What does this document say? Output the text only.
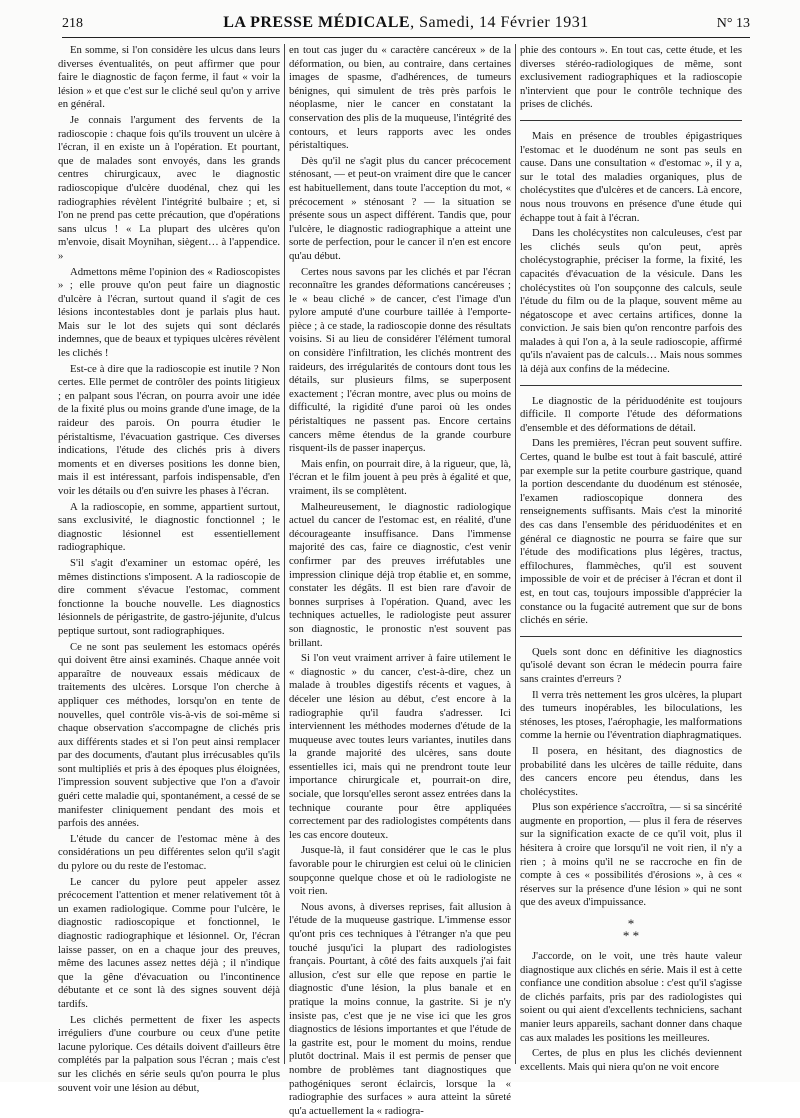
218	LA PRESSE MÉDICALE, Samedi, 14 Février 1931	N° 13

En somme, si l'on considère les ulcus dans leurs diverses éventualités, on peut affirmer que pour faire le diagnostic de façon ferme, il faut « voir la lésion » et que c'est sur le cliché seul qu'on y arrive en général.

Je connais l'argument des fervents de la radioscopie : chaque fois qu'ils trouvent un ulcère à l'écran, il en existe un à l'opération. Et pourtant, que de malades sont envoyés, dans les grands centres chirurgicaux, avec le diagnostic radioscopique d'ulcère duodénal, chez qui les radiographies révèlent l'intégrité bulbaire ; et, si l'on ne prend pas cette précaution, que d'opérations sans ulcus ! « La plupart des ulcères qu'on m'envoie, disait Moynihan, siègent… à l'appendice. »

Admettons même l'opinion des « Radioscopistes » ; elle prouve qu'on peut faire un diagnostic d'ulcère à l'écran, surtout quand il s'agit de ces lésions incontestables dont je parlais plus haut. Mais sur le lot des sujets qui sont déclarés indemnes, que de beaux et typiques ulcères révèlent les clichés !

Est-ce à dire que la radioscopie est inutile ? Non certes. Elle permet de contrôler des points litigieux ; en palpant sous l'écran, on pourra avoir une idée de la fixité plus ou moins grande d'une image, de la raideur des parois. On pourra étudier le péristaltisme, l'évacuation gastrique. Ces diverses indications, l'étude des clichés pris à divers moments et en diverses positions les donne bien, mais il est intéressant, parfois indispensable, d'en voir les détails ou d'en suivre les phases à l'écran.

A la radioscopie, en somme, appartient surtout, sans exclusivité, le diagnostic fonctionnel ; le diagnostic lésionnel est essentiellement radiographique.

S'il s'agit d'examiner un estomac opéré, les mêmes distinctions s'imposent. A la radioscopie de dire comment s'évacue l'estomac, comment fonctionne la bouche nouvelle. Les diagnostics lésionnels de périgastrite, de gastro-jéjunite, d'ulcus peptique surtout, sont radiographiques.

Ce ne sont pas seulement les estomacs opérés qui doivent être ainsi examinés. Chaque année voit apparaître de nouveaux essais médicaux de traitements des ulcères. Lorsque l'on cherche à appliquer ces méthodes, lorsqu'on en tente de nouvelles, quel contrôle vis-à-vis de soi-même si chaque observation s'accompagne de clichés pris aux différents stades et si l'on peut ainsi remplacer par des documents, d'autant plus irrécusables qu'ils sont multipliés et pris à des époques plus éloignées, l'impression souvent subjective que l'on a d'avoir guéri cette maladie qui, spontanément, a cessé de se manifester cliniquement pendant des mois et parfois des années.

L'étude du cancer de l'estomac mène à des considérations un peu différentes selon qu'il s'agit du pylore ou du reste de l'estomac.

Le cancer du pylore peut appeler assez précocement l'attention et mener relativement tôt à un examen radiologique. Comme pour l'ulcère, le diagnostic radioscopique et fonctionnel, le diagnostic radiographique et lésionnel. Or, l'écran laisse passer, on en a chaque jour des preuves, même des lacunes assez nettes déjà ; il n'indique que la gêne d'évacuation ou l'incontinence débutante et ce sont là des signes souvent déjà tardifs.

Les clichés permettent de fixer les aspects irréguliers d'une courbure ou ceux d'une petite lacune pylorique. Ces détails doivent d'ailleurs être complétés par la palpation sous l'écran ; mais c'est sur les clichés en série seuls qu'on pourra le plus souvent voir une lésion au début,

en tout cas juger du « caractère cancéreux » de la déformation, ou bien, au contraire, dans certaines images de spasme, d'adhérences, de tumeurs bénignes, qui simulent de très près parfois le néoplasme, nier le cancer en constatant la conservation des plis de la muqueuse, l'intégrité des contours, et leurs rapports avec les ondes péristaltiques.

Dès qu'il ne s'agit plus du cancer précocement sténosant, — et peut-on vraiment dire que le cancer est habituellement, dans toute l'acception du mot, « précocement » sténosant ? — la situation se présente sous un aspect différent. Tandis que, pour l'ulcère, le diagnostic radiographique a atteint une sorte de perfection, pour le cancer il n'en est encore qu'au début.

Certes nous savons par les clichés et par l'écran reconnaître les grandes déformations cancéreuses ; le « beau cliché » de cancer, c'est l'image d'un pylore amputé d'une courbure taillée à l'emporte-pièce ; à ce stade, la radioscopie donne des résultats voisins. Si au lieu de considérer l'élément tumoral on considère l'infiltration, les clichés montrent des raideurs, des irrégularités de contours dont tous les détails, sur plusieurs films, se superposent exactement ; l'écran montre, avec plus ou moins de difficulté, la rigidité d'une paroi où les ondes péristaltiques ne passent pas. Encore certains cancers même étendus de la grande courbure risquent-ils de passer inaperçus.

Mais enfin, on pourrait dire, à la rigueur, que, là, l'écran et le film jouent à peu près à égalité et que, vraiment, ils se complètent.

Malheureusement, le diagnostic radiologique actuel du cancer de l'estomac est, en réalité, d'une décourageante insuffisance. Dans l'immense majorité des cas, faire ce diagnostic, c'est venir confirmer par des preuves irréfutables une impression clinique déjà trop établie et, en somme, constater les dégâts. Il est bien rare d'avoir de bonnes surprises à l'opération. Quand, avec les techniques actuelles, le radiologiste peut assurer son diagnostic, le pronostic n'est souvent pas brillant.

Si l'on veut vraiment arriver à faire utilement le « diagnostic » du cancer, c'est-à-dire, chez un malade à troubles digestifs récents et vagues, à déceler une lésion au début, c'est encore à la radiographie qu'il faudra s'adresser. Ici interviennent les méthodes modernes d'étude de la muqueuse avec toutes leurs variantes, inutiles dans la grande majorité des ulcères, sans doute essentielles ici, mais qui ne prendront toute leur importance chirurgicale et, pourrait-on dire, sociale, que lorsqu'elles seront assez entrées dans la technique courante pour être appliquées correctement par des radiologistes compétents dans les cas encore douteux.

Jusque-là, il faut considérer que le cas le plus favorable pour le chirurgien est celui où le clinicien soupçonne quelque chose et où le radiologiste ne voit rien.

Nous avons, à diverses reprises, fait allusion à l'étude de la muqueuse gastrique. L'immense essor qu'ont pris ces techniques à l'étranger n'a que peu touché jusqu'ici la plupart des radiologistes français. Pourtant, à côté des faits auxquels j'ai fait allusion, c'est sur elle que repose en partie le diagnostic d'une lésion, la plus banale et en pratique la moins connue, la gastrite. Si je n'y insiste pas, c'est que je ne vise ici que les gros diagnostics de lésions importantes et que l'étude de la gastrite est, pour le moment du moins, rendue plutôt doctrinal. Mais il est permis de penser que nombre de problèmes tant diagnostiques que pathogéniques seront éclaircis, lorsque la « radiographie des surfaces » aura atteint la sûreté qu'a actuellement la « radiogra-

phie des contours ». En tout cas, cette étude, et les diverses stéréo-radiologiques de même, sont exclusivement radiographiques et la radioscopie n'intervient que pour le contrôle technique des prises de clichés.

Mais en présence de troubles épigastriques l'estomac et le duodénum ne sont pas seuls en cause. Dans une consultation « d'estomac », il y a, sur le total des maladies organiques, plus de cholécystites que d'ulcères et de cancers. Là encore, nous nous trouvons en présence d'une étude qui échappe tout à fait à l'écran.

Dans les cholécystites non calculeuses, c'est par les clichés seuls qu'on peut, après cholécystographie, préciser la forme, la fixité, les capacités d'évacuation de la vésicule. Dans les cholécystites où l'on soupçonne des calculs, seule l'étude du film ou de la plaque, souvent même au négatoscope et avec certains artifices, donne la conviction. Je sais bien qu'on rencontre parfois des malades à qui l'on a, à la seule radioscopie, affirmé qu'ils n'avaient pas de calculs… Mais nous sommes là déjà aux confins de la médecine.

Le diagnostic de la périduodénite est toujours difficile. Il comporte l'étude des déformations d'ensemble et des déformations de détail.

Dans les premières, l'écran peut souvent suffire. Certes, quand le bulbe est tout à fait basculé, attiré par exemple sur la petite courbure gastrique, quand la portion descendante du duodénum est sténosée, l'examen radioscopique donnera des renseignements suffisants. Mais c'est la minorité des cas dans l'ensemble des périduodénites et en général ce diagnostic ne pourra se faire que sur l'étude des modifications plus légères, tractus, effilochures, flammèches, qu'il est souvent impossible de voir et de préciser à l'écran et dont il est, en tout cas, toujours impossible d'apprécier la constance ou la fugacité autrement que sur de bons clichés en série.

Quels sont donc en définitive les diagnostics qu'isolé devant son écran le médecin pourra faire sans craintes d'erreurs ?

Il verra très nettement les gros ulcères, la plupart des tumeurs inopérables, les biloculations, les sténoses, les ptoses, l'aérophagie, les malformations comme la hernie ou l'éventration diaphragmatiques.

Il posera, en hésitant, des diagnostics de probabilité dans les ulcères de taille réduite, dans des cancers encore peu étendus, dans les cholécystites.

Plus son expérience s'accroîtra, — si sa sincérité augmente en proportion, — plus il fera de réserves sur la signification exacte de ce qu'il voit, plus il hésitera à croire que lorsqu'il ne voit rien, il n'y a rien ; à moins qu'il ne se raccroche en fin de compte à ces « possibilités d'érosions », à ces « réserves sur la présence d'une lésion » qui ne sont que des aveux d'impuissance.

*
* *

J'accorde, on le voit, une très haute valeur diagnostique aux clichés en série. Mais il est à cette confiance une condition absolue : c'est qu'il s'agisse de clichés parfaits, pris par des radiologistes qui soient ou qui aient d'excellents techniciens, sachant manier leurs appareils, sachant donner dans chaque cas aux malades les positions les meilleures.

Certes, de plus en plus les clichés deviennent excellents. Mais qui niera qu'on ne voit encore
